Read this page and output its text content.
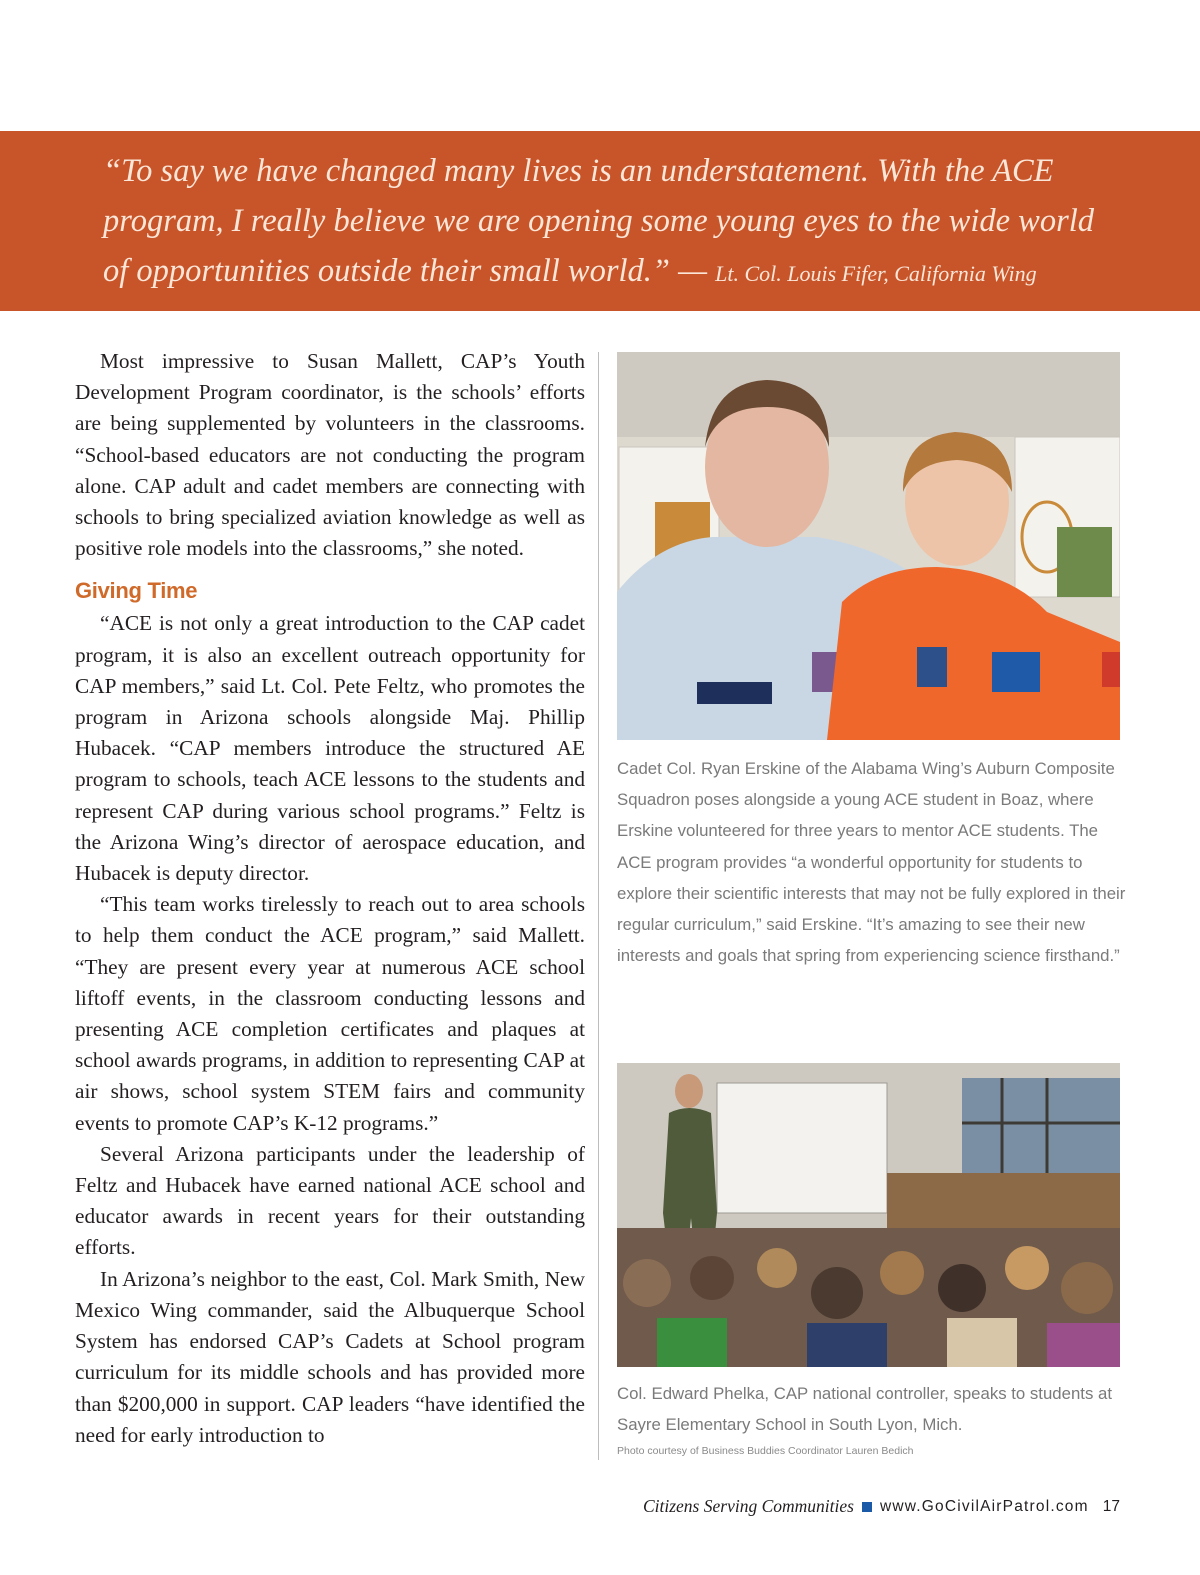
“To say we have changed many lives is an understatement. With the ACE program, I really believe we are opening some young eyes to the wide world of opportunities outside their small world.” — Lt. Col. Louis Fifer, California Wing

Most impressive to Susan Mallett, CAP’s Youth Development Program coordinator, is the schools’ efforts are being supplemented by volunteers in the classrooms. “School-based educators are not conducting the program alone. CAP adult and cadet members are connecting with schools to bring specialized aviation knowledge as well as positive role models into the classrooms,” she noted.

Giving Time

“ACE is not only a great introduction to the CAP cadet program, it is also an excellent outreach opportunity for CAP members,” said Lt. Col. Pete Feltz, who promotes the program in Arizona schools alongside Maj. Phillip Hubacek. “CAP members introduce the structured AE program to schools, teach ACE lessons to the students and represent CAP during various school programs.” Feltz is the Arizona Wing’s director of aerospace education, and Hubacek is deputy director.

“This team works tirelessly to reach out to area schools to help them conduct the ACE program,” said Mallett. “They are present every year at numerous ACE school liftoff events, in the classroom conducting lessons and presenting ACE completion certificates and plaques at school awards programs, in addition to representing CAP at air shows, school system STEM fairs and community events to promote CAP’s K-12 programs.”

Several Arizona participants under the leadership of Feltz and Hubacek have earned national ACE school and educator awards in recent years for their outstanding efforts.

In Arizona’s neighbor to the east, Col. Mark Smith, New Mexico Wing commander, said the Albuquerque School System has endorsed CAP’s Cadets at School program curriculum for its middle schools and has provided more than $200,000 in support. CAP leaders “have identified the need for early introduction to

Cadet Col. Ryan Erskine of the Alabama Wing’s Auburn Composite Squadron poses alongside a young ACE student in Boaz, where Erskine volunteered for three years to mentor ACE students. The ACE program provides “a wonderful opportunity for students to explore their scientific interests that may not be fully explored in their regular curriculum,” said Erskine. “It’s amazing to see their new interests and goals that spring from experiencing science firsthand.”
Col. Edward Phelka, CAP national controller, speaks to students at Sayre Elementary School in South Lyon, Mich.
Photo courtesy of Business Buddies Coordinator Lauren Bedich
Citizens Serving Communities www.GoCivilAirPatrol.com 17
